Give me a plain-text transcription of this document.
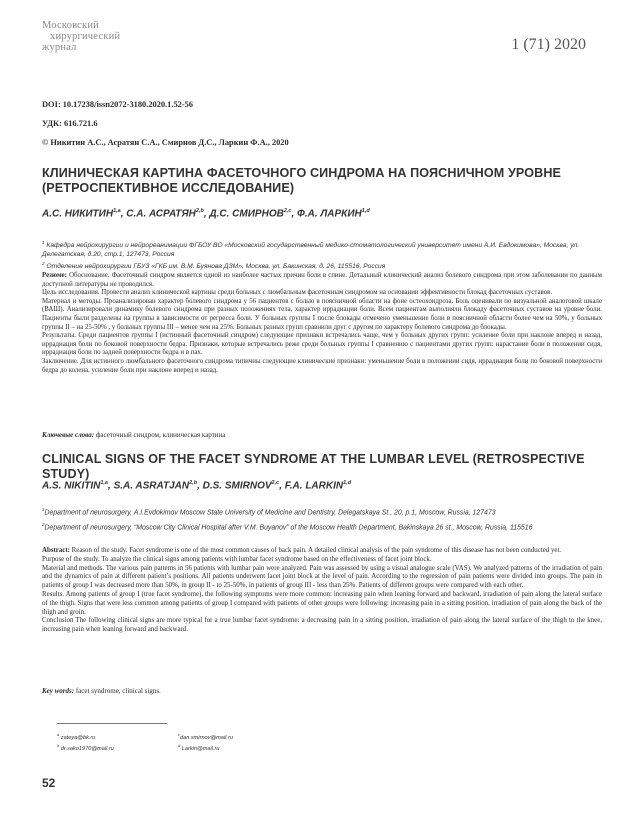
Московский
хирургический
журнал	1 (71) 2020
DOI: 10.17238/issn2072-3180.2020.1.52-56
УДК: 616.721.6
© Никитин А.С., Асратян С.А., Смирнов Д.С., Ларкин Ф.А., 2020
КЛИНИЧЕСКАЯ КАРТИНА ФАСЕТОЧНОГО СИНДРОМА НА ПОЯСНИЧНОМ УРОВНЕ (РЕТРОСПЕКТИВНОЕ ИССЛЕДОВАНИЕ)
А.С. НИКИТИН$^{1,a}$, С.А. АСРАТЯН$^{2,b}$, Д.С. СМИРНОВ$^{2,c}$, Ф.А. ЛАРКИН$^{1,d}$
$^1$ Кафедра нейрохирургии и нейрореанимации ФГБОУ ВО «Московский государственный медико-стоматологический университет имени А.И. Евдокимова», Москва, ул. Делегатская, д.20, стр.1, 127473, Россия
$^2$ Отделение нейрохирургии ГБУЗ «ГКБ им. В.М. Буянова ДЗМ», Москва, ул. Бакинская, д. 26, 115516, Россия

Резюме: Обоснование. Фасеточный синдром является одной из наиболее частых причин боли в спине. Детальный клинический анализ болевого синдрома при этом заболевании по данным доступной литературы не проводился.

Цель исследования. Провести анализ клинической картины среди больных с люмбальным фасеточным синдромом на основании эффективности блокад фасеточных суставов.

Материал и методы. Проанализирован характер болевого синдрома у 56 пациентов с болью в поясничной области на фоне остеохондроза. Боль оценивали по визуальной аналоговой шкале (ВАШ). Анализировали динамику болевого синдрома при разных положениях тела, характер иррадиации боли. Всем пациентам выполняли блокаду фасеточных суставов на уровне боли. Пациенты были разделены на группы в зависимости от регресса боли. У больных группы I после блокады отмечено уменьшение боли в поясничной области более чем на 50%, у больных группы II – на 25-50% , у больных группы III – менее чем на 25%. Больных разных групп сравнили друг с другом по характеру болевого синдрома до блокады.

Результаты. Среди пациентов группы I (истинный фасеточный синдром) следующие признаки встречались чаще, чем у больных других групп: усиление боли при наклоне вперед и назад, иррадиация боли по боковой поверхности бедра. Признаки, которые встречались реже среди больных группы I сравнению с пациентами других групп: нарастание боли в положении сидя, иррадиация боли по задней поверхности бедра и в пах.

Заключение. Для истинного люмбального фасеточного синдрома типичны следующие клинические признаки: уменьшение боли в положении сидя, иррадиация боли по боковой поверхности бедра до колена, усиление боли при наклоне вперед и назад.

Ключевые слова: фасеточный синдром, клиническая картина
CLINICAL SIGNS OF THE FACET SYNDROME AT THE LUMBAR LEVEL (RETROSPECTIVE STUDY)
A.S. NIKITIN$^{1,a}$, S.A. ASRATJAN$^{2,b}$, D.S. SMIRNOV$^{2,c}$, F.A. LARKIN$^{1,d}$
$^1$Department of neurosurgery, A.I.Evdokimov Moscow State University of Medicine and Dentistry, Delegatskaya St., 20, p.1, Moscow, Russia, 127473
$^2$Department of neurosurgery, “Moscow City Clinical Hospital after V.M. Buyanov” of the Moscow Health Department, Bakinskaya 26 st., Moscow, Russia, 115516

Abstract: Reason of the study. Facet syndrome is one of the most common causes of back pain. A detailed clinical analysis of the pain syndrome of this disease has not been conducted yet.

Purpose of the study. To analyze the clinical signs among patients with lumbar facet syndrome based on the effectiveness of facet joint block.

Material and methods. The various pain patterns in 56 patients with lumbar pain were analyzed. Pain was assessed by using a visual analogue scale (VAS). We analyzed patterns of the irradiation of pain and the dynamics of pain at different patient’s positions. All patients underwent facet joint block at the level of pain. According to the regression of pain patients were divided into groups. The pain in patients of group I was decreased more than 50%, in group II - to 25-50%, in patients of group III - less than 25%. Patients of different groups were compared with each other.

Results. Among patients of group I (true facet syndrome), the following symptoms were more common: increasing pain when leaning forward and backward, irradiation of pain along the lateral surface of the thigh. Signs that were less common among patients of group I compared with patients of other groups were following: increasing pain in a sitting position, irradiation of pain along the back of the thigh and groin.

Conclusion The following clinical signs are more typical for a true lumbar facet syndrome: a decreasing pain in a sitting position, irradiation of pain along the lateral surface of the thigh to the knee, increasing pain when leaning forward and backward.

Key words: facet syndrome, clinical signs.
$^a$ zateya@bk.ru
$^b$ dr.sako1970@mail.ru
$^c$dan.smirnov@mail.ru
$^d$ Larkin@mail.ru
52
